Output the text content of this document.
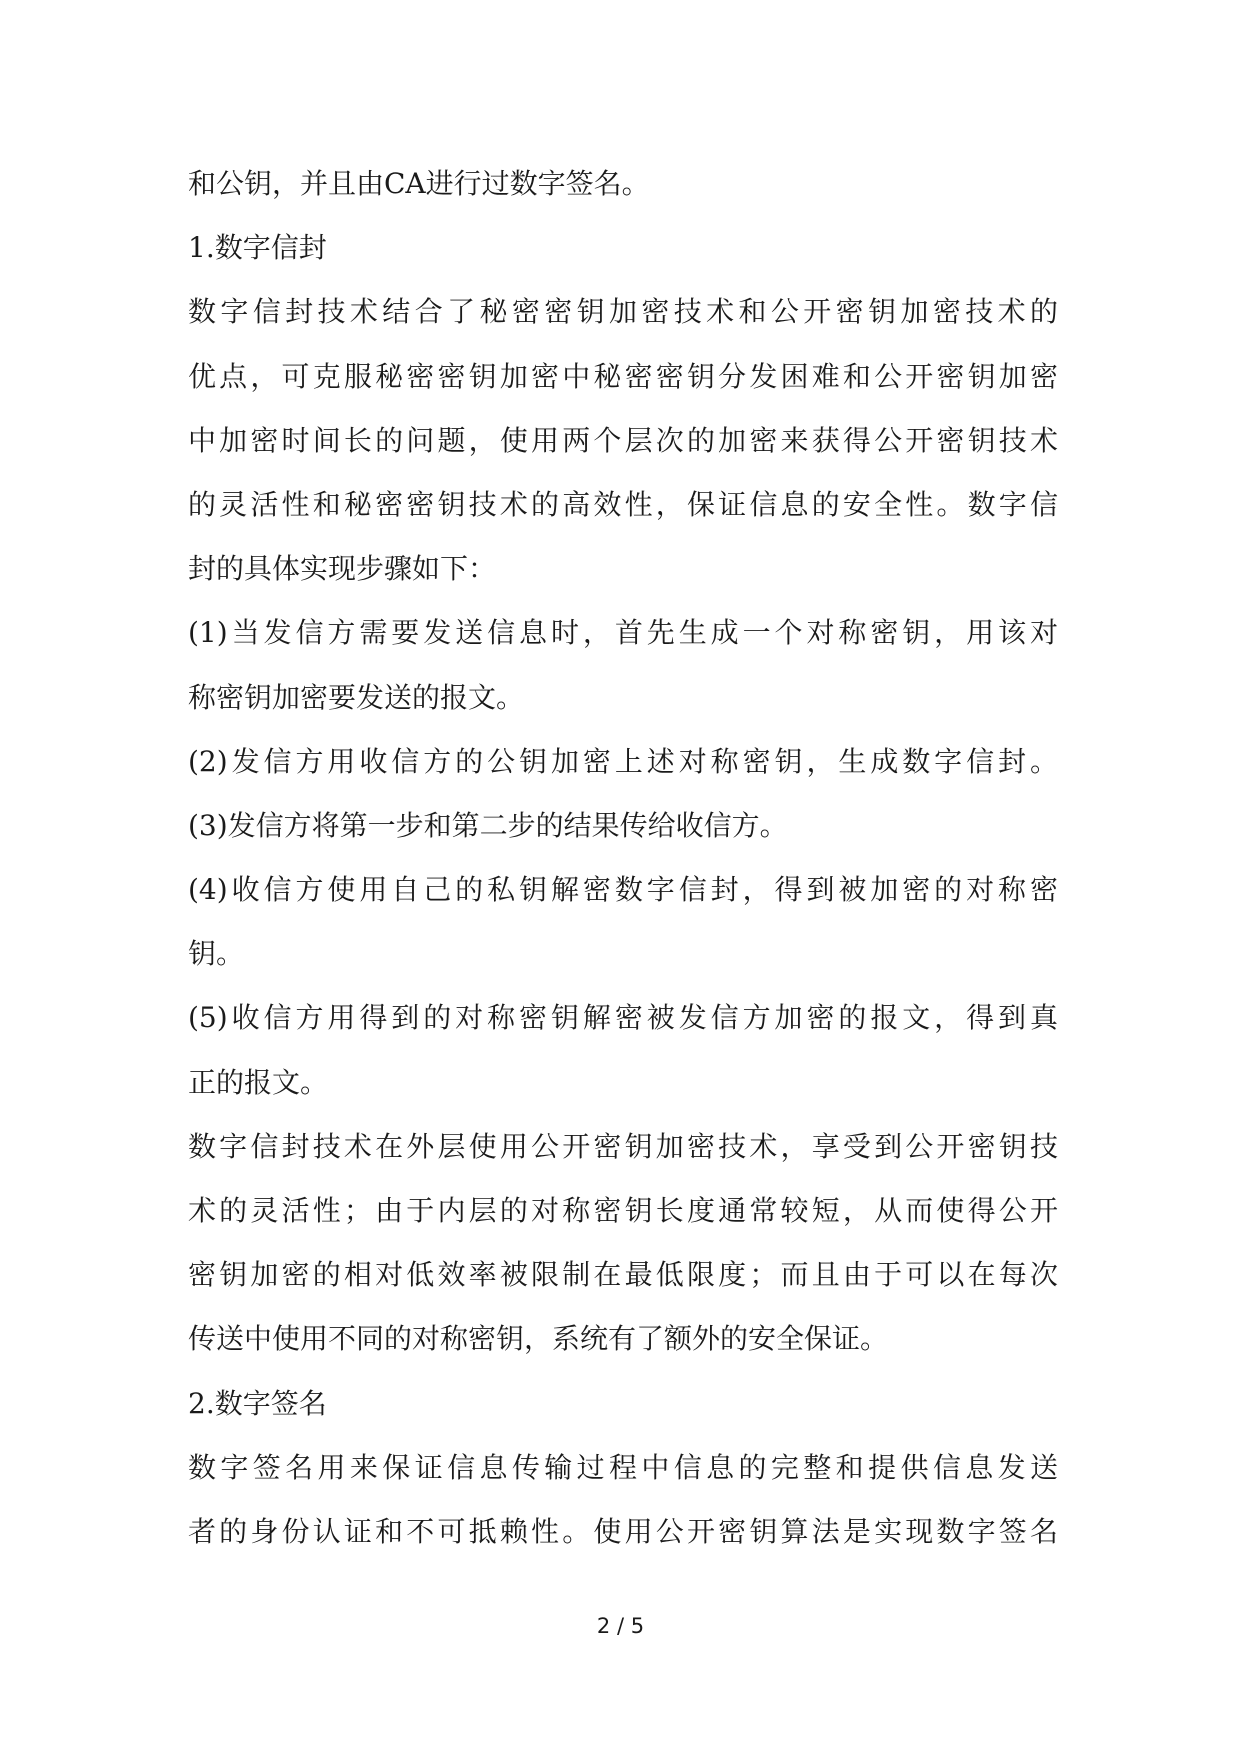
和公钥，并且由CA进行过数字签名。
1.数字信封
数字信封技术结合了秘密密钥加密技术和公开密钥加密技术的
优点，可克服秘密密钥加密中秘密密钥分发困难和公开密钥加密
中加密时间长的问题，使用两个层次的加密来获得公开密钥技术
的灵活性和秘密密钥技术的高效性，保证信息的安全性。数字信
封的具体实现步骤如下：
(1)当发信方需要发送信息时，首先生成一个对称密钥，用该对
称密钥加密要发送的报文。
(2)发信方用收信方的公钥加密上述对称密钥，生成数字信封。
(3)发信方将第一步和第二步的结果传给收信方。
(4)收信方使用自己的私钥解密数字信封，得到被加密的对称密
钥。
(5)收信方用得到的对称密钥解密被发信方加密的报文，得到真
正的报文。
数字信封技术在外层使用公开密钥加密技术，享受到公开密钥技
术的灵活性；由于内层的对称密钥长度通常较短，从而使得公开
密钥加密的相对低效率被限制在最低限度；而且由于可以在每次
传送中使用不同的对称密钥，系统有了额外的安全保证。
2.数字签名
数字签名用来保证信息传输过程中信息的完整和提供信息发送
者的身份认证和不可抵赖性。使用公开密钥算法是实现数字签名
2 / 5
